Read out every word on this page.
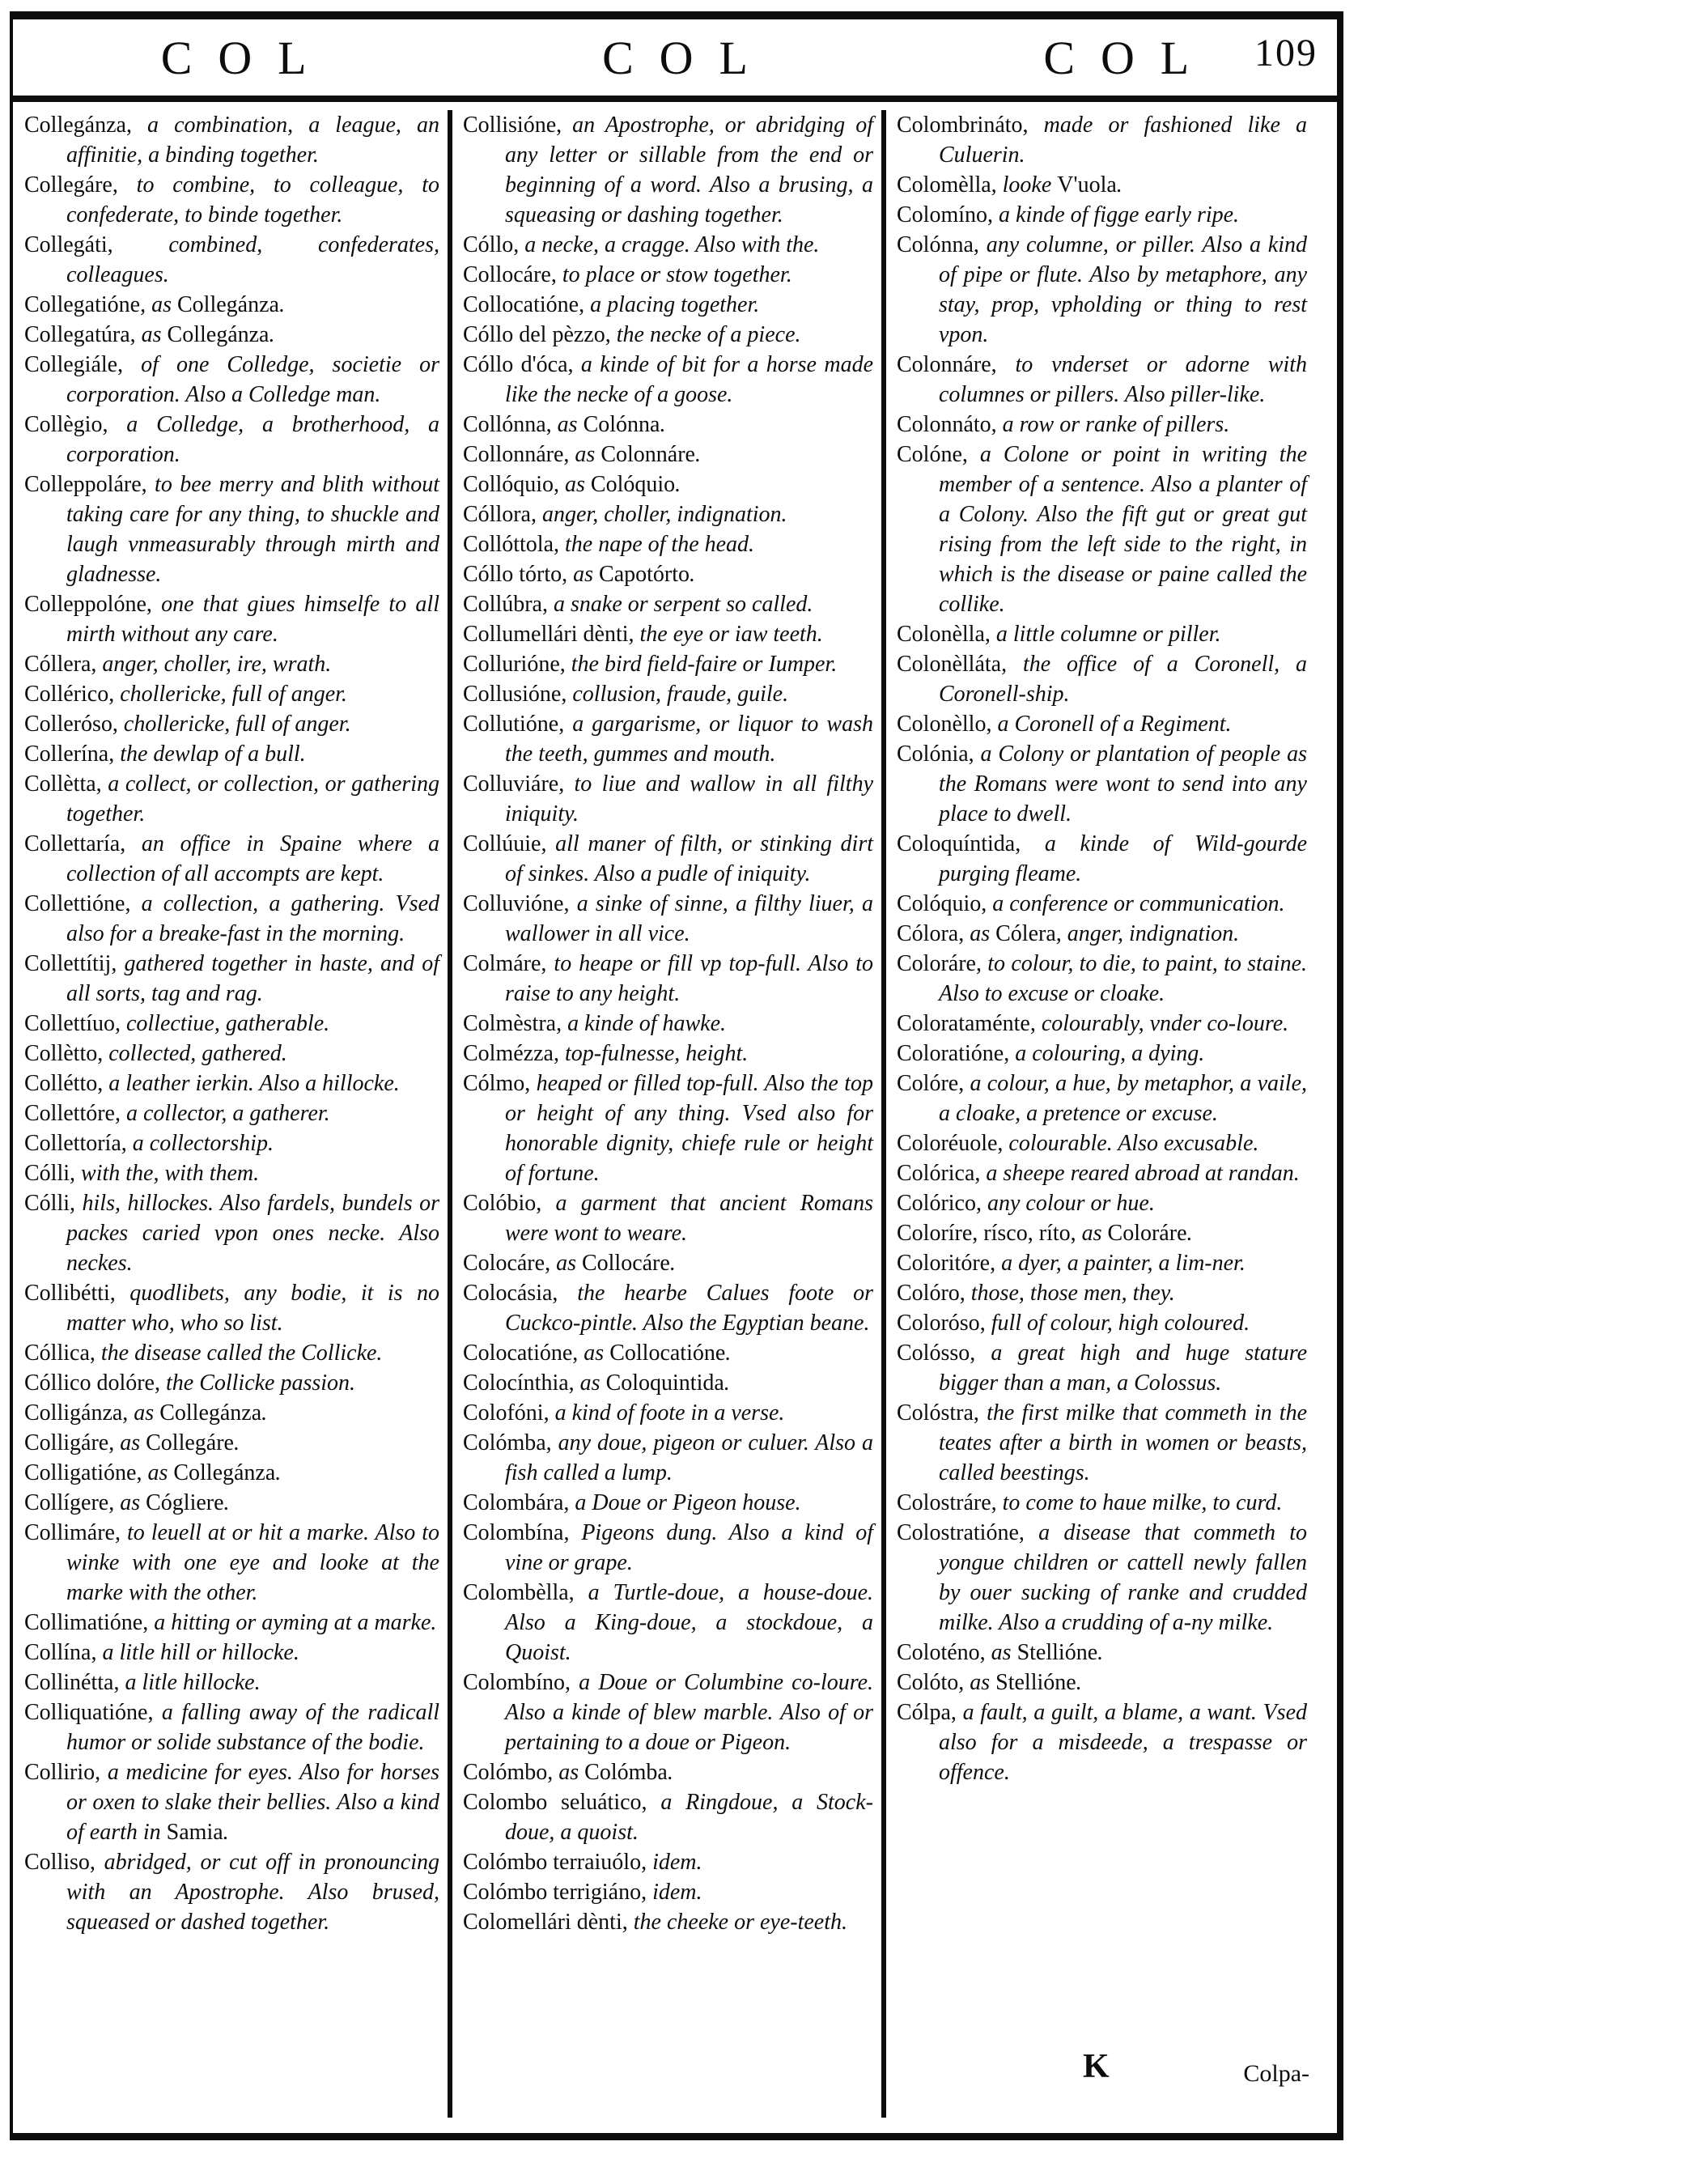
COL	COL	COL	109
Collegánza, a combination, a league, an affinitie, a binding together.
Collegáre, to combine, to colleague, to confederate, to binde together.
Collegáti, combined, confederates, colleagues.
Collegatióne, as Collegánza.
Collegatúra, as Collegánza.
Collegiále, of one Colledge, societie or corporation. Also a Colledge man.
Collègio, a Colledge, a brotherhood, a corporation.
Colleppoláre, to bee merry and blith without taking care for any thing, to shuckle and laugh vnmeasurably through mirth and gladnesse.
Colleppolóne, one that giues himselfe to all mirth without any care.
Cóllera, anger, choller, ire, wrath.
Collérico, chollericke, full of anger.
Colleróso, chollericke, full of anger.
Collerína, the dewlap of a bull.
Collètta, a collect, or collection, or gathering together.
Collettaría, an office in Spaine where a collection of all accompts are kept.
Collettióne, a collection, a gathering. Vsed also for a breake-fast in the morning.
Collettítij, gathered together in haste, and of all sorts, tag and rag.
Collettíuo, collectiue, gatherable.
Collètto, collected, gathered.
Collétto, a leather ierkin. Also a hillocke.
Collettóre, a collector, a gatherer.
Collettoría, a collectorship.
Cólli, with the, with them.
Cólli, hils, hillockes. Also fardels, bundels or packes caried vpon ones necke. Also neckes.
Collibétti, quodlibets, any bodie, it is no matter who, who so list.
Cóllica, the disease called the Collicke.
Cóllico dolóre, the Collicke passion.
Colligánza, as Collegánza.
Colligáre, as Collegáre.
Colligatióne, as Collegánza.
Collígere, as Cógliere.
Collimáre, to leuell at or hit a marke. Also to winke with one eye and looke at the marke with the other.
Collimatióne, a hitting or ayming at a marke.
Collína, a litle hill or hillocke.
Collinétta, a litle hillocke.
Colliquatióne, a falling away of the radicall humor or solide substance of the bodie.
Collirio, a medicine for eyes. Also for horses or oxen to slake their bellies. Also a kind of earth in Samia.
Colliso, abridged, or cut off in pronouncing with an Apostrophe. Also brused, squeased or dashed together.
Collisióne, an Apostrophe, or abridging of any letter or sillable from the end or beginning of a word. Also a brusing, a squeasing or dashing together.
Cóllo, a necke, a cragge. Also with the.
Collocáre, to place or stow together.
Collocatióne, a placing together.
Cóllo del pèzzo, the necke of a piece.
Cóllo d'óca, a kinde of bit for a horse made like the necke of a goose.
Collónna, as Colónna.
Collonnáre, as Colonnáre.
Collóquio, as Colóquio.
Cóllora, anger, choller, indignation.
Collóttola, the nape of the head.
Cóllo tórto, as Capotórto.
Collúbra, a snake or serpent so called.
Collumellári dènti, the eye or iaw teeth.
Collurióne, the bird field-faire or Iumper.
Collusióne, collusion, fraude, guile.
Collutióne, a gargarisme, or liquor to wash the teeth, gummes and mouth.
Colluviáre, to liue and wallow in all filthy iniquity.
Collúuie, all maner of filth, or stinking dirt of sinkes. Also a pudle of iniquity.
Colluvióne, a sinke of sinne, a filthy liuer, a wallower in all vice.
Colmáre, to heape or fill vp top-full. Also to raise to any height.
Colmèstra, a kinde of hawke.
Colmézza, top-fulnesse, height.
Cólmo, heaped or filled top-full. Also the top or height of any thing. Vsed also for honorable dignity, chiefe rule or height of fortune.
Colóbio, a garment that ancient Romans were wont to weare.
Colocáre, as Collocáre.
Colocásia, the hearbe Calues foote or Cuckco-pintle. Also the Egyptian beane.
Colocatióne, as Collocatióne.
Colocínthia, as Coloquintida.
Colofóni, a kind of foote in a verse.
Colómba, any doue, pigeon or culuer. Also a fish called a lump.
Colombára, a Doue or Pigeon house.
Colombína, Pigeons dung. Also a kind of vine or grape.
Colombèlla, a Turtle-doue, a house-doue. Also a King-doue, a stockdoue, a Quoist.
Colombíno, a Doue or Columbine co-loure. Also a kinde of blew marble. Also of or pertaining to a doue or Pigeon.
Colómbo, as Colómba.
Colombo seluático, a Ringdoue, a Stock-doue, a quoist.
Colómbo terraiuólo, idem.
Colómbo terrigiáno, idem.
Colomellári dènti, the cheeke or eye-teeth.
Colombrináto, made or fashioned like a Culuerin.
Colomèlla, looke V'uola.
Colomíno, a kinde of figge early ripe.
Colónna, any columne, or piller. Also a kind of pipe or flute. Also by metaphore, any stay, prop, vpholding or thing to rest vpon.
Colonnáre, to vnderset or adorne with columnes or pillers. Also piller-like.
Colonnáto, a row or ranke of pillers.
Colóne, a Colone or point in writing the member of a sentence. Also a planter of a Colony. Also the fift gut or great gut rising from the left side to the right, in which is the disease or paine called the collike.
Colonèlla, a little columne or piller.
Colonèlláta, the office of a Coronell, a Coronell-ship.
Colonèllo, a Coronell of a Regiment.
Colónia, a Colony or plantation of people as the Romans were wont to send into any place to dwell.
Coloquíntida, a kinde of Wild-gourde purging fleame.
Colóquio, a conference or communication.
Cólora, as Cólera, anger, indignation.
Coloráre, to colour, to die, to paint, to staine. Also to excuse or cloake.
Colorataménte, colourably, vnder co-loure.
Coloratióne, a colouring, a dying.
Colóre, a colour, a hue, by metaphor, a vaile, a cloake, a pretence or excuse.
Coloréuole, colourable. Also excusable.
Colórica, a sheepe reared abroad at randan.
Colórico, any colour or hue.
Coloríre, rísco, ríto, as Coloráre.
Coloritóre, a dyer, a painter, a lim-ner.
Colóro, those, those men, they.
Coloróso, full of colour, high coloured.
Colósso, a great high and huge stature bigger than a man, a Colossus.
Colóstra, the first milke that commeth in the teates after a birth in women or beasts, called beestings.
Colostráre, to come to haue milke, to curd.
Colostratióne, a disease that commeth to yongue children or cattell newly fallen by ouer sucking of ranke and crudded milke. Also a crudding of a-ny milke.
Coloténo, as Stellióne.
Colóto, as Stellióne.
Cólpa, a fault, a guilt, a blame, a want. Vsed also for a misdeede, a trespasse or offence.
K	Colpa-
